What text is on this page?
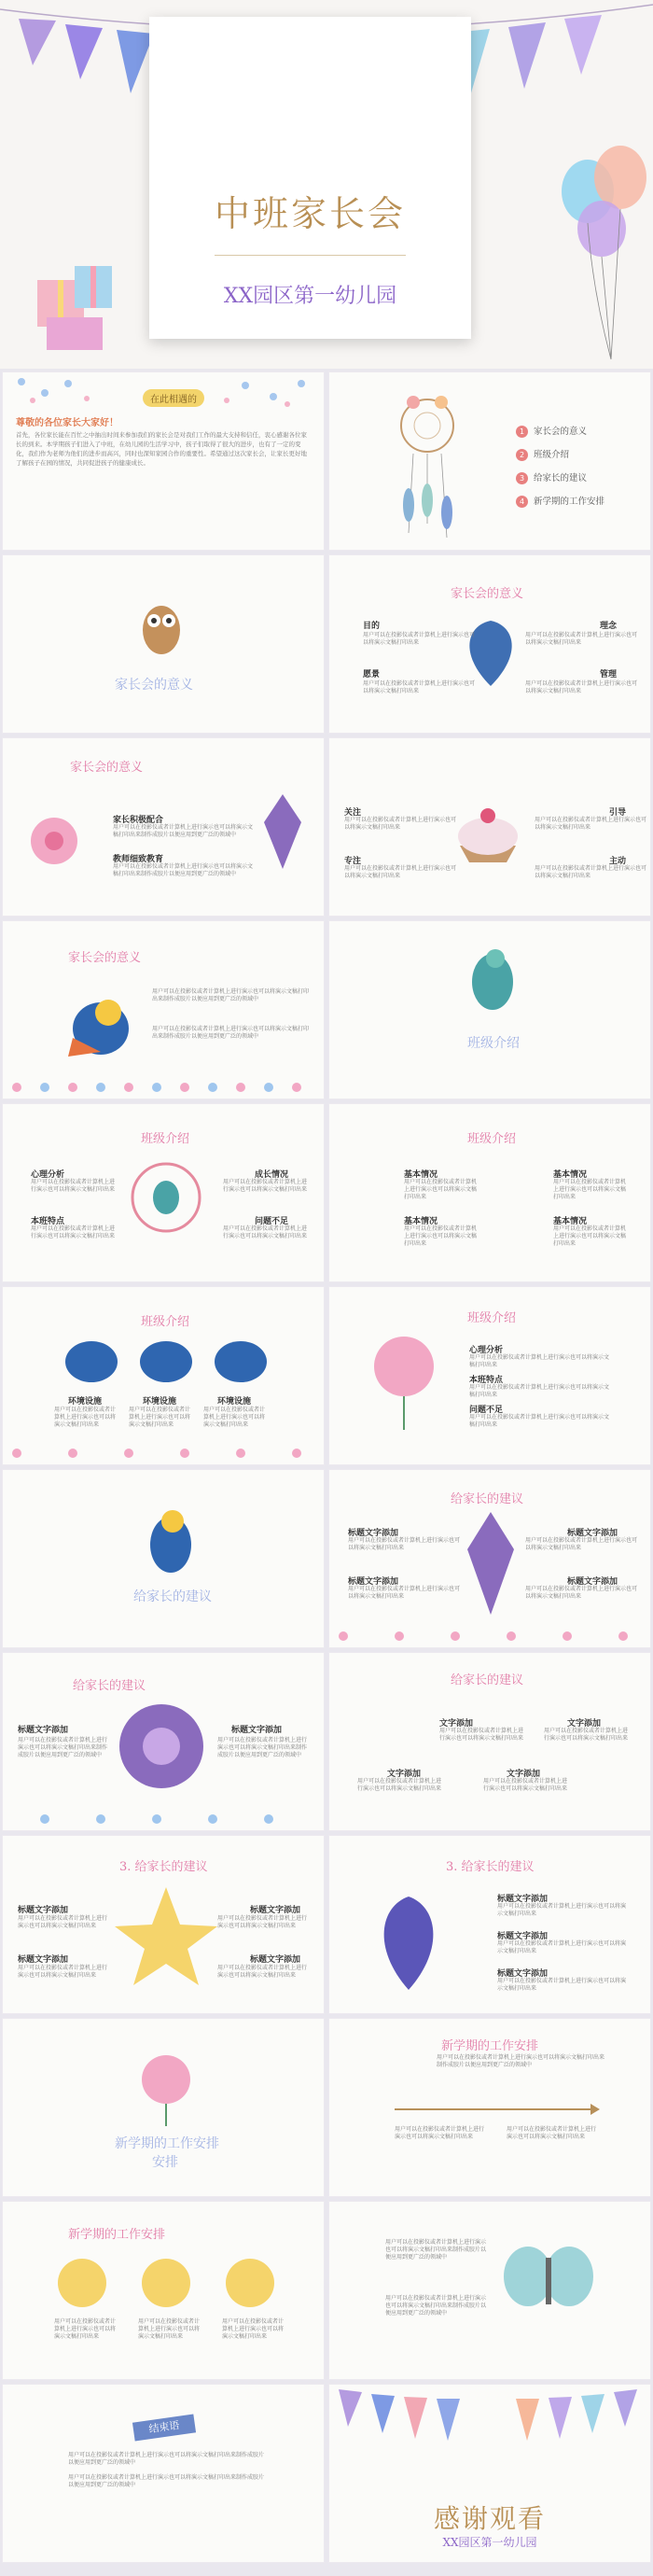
中班家长会
XX园区第一幼儿园
在此相遇的
尊敬的各位家长大家好！
首先，各位家长能在百忙之中抽出时间来参加我们的家长会是对我们工作的最大支持和信任，衷心感谢各位家长的到来。本学期孩子们进入了中班，在幼儿园的生活学习中，孩子们取得了很大的进步，也有了一定的变化，我们作为老师为他们的进步而高兴，同时也深知家园合作的重要性。希望通过这次家长会，让家长更好地了解孩子在园的情况，共同促进孩子的健康成长。
1 家长会的意义
2 班级介绍
3 给家长的建议
4 新学期的工作安排
家长会的意义
家长会的意义
目的
用户可以在投影仪或者计算机上进行演示也可以将演示文稿打印出来
理念
用户可以在投影仪或者计算机上进行演示也可以将演示文稿打印出来
愿景
用户可以在投影仪或者计算机上进行演示也可以将演示文稿打印出来
管理
用户可以在投影仪或者计算机上进行演示也可以将演示文稿打印出来
家长会的意义
家长积极配合
用户可以在投影仪或者计算机上进行演示也可以将演示文稿打印出来制作成胶片以便应用到更广泛的领域中
教师细致教育
用户可以在投影仪或者计算机上进行演示也可以将演示文稿打印出来制作成胶片以便应用到更广泛的领域中
关注
用户可以在投影仪或者计算机上进行演示也可以将演示文稿打印出来
引导
用户可以在投影仪或者计算机上进行演示也可以将演示文稿打印出来
专注
用户可以在投影仪或者计算机上进行演示也可以将演示文稿打印出来
主动
用户可以在投影仪或者计算机上进行演示也可以将演示文稿打印出来
家长会的意义
用户可以在投影仪或者计算机上进行演示也可以将演示文稿打印出来制作成胶片以便应用到更广泛的领域中
用户可以在投影仪或者计算机上进行演示也可以将演示文稿打印出来制作成胶片以便应用到更广泛的领域中	班级介绍
班级介绍
心理分析
用户可以在投影仪或者计算机上进行演示也可以将演示文稿打印出来
成长情况
用户可以在投影仪或者计算机上进行演示也可以将演示文稿打印出来
本班特点
用户可以在投影仪或者计算机上进行演示也可以将演示文稿打印出来
问题不足
用户可以在投影仪或者计算机上进行演示也可以将演示文稿打印出来
班级介绍
基本情况
用户可以在投影仪或者计算机上进行演示也可以将演示文稿打印出来
基本情况
用户可以在投影仪或者计算机上进行演示也可以将演示文稿打印出来
基本情况
用户可以在投影仪或者计算机上进行演示也可以将演示文稿打印出来
基本情况
用户可以在投影仪或者计算机上进行演示也可以将演示文稿打印出来
班级介绍
环境设施	环境设施	环境设施
用户可以在投影仪或者计算机上进行演示也可以将演示文稿打印出来
用户可以在投影仪或者计算机上进行演示也可以将演示文稿打印出来
用户可以在投影仪或者计算机上进行演示也可以将演示文稿打印出来
班级介绍
心理分析
用户可以在投影仪或者计算机上进行演示也可以将演示文稿打印出来
本班特点
用户可以在投影仪或者计算机上进行演示也可以将演示文稿打印出来
问题不足
用户可以在投影仪或者计算机上进行演示也可以将演示文稿打印出来
给家长的建议
给家长的建议
标题文字添加
用户可以在投影仪或者计算机上进行演示也可以将演示文稿打印出来
标题文字添加
用户可以在投影仪或者计算机上进行演示也可以将演示文稿打印出来
标题文字添加
用户可以在投影仪或者计算机上进行演示也可以将演示文稿打印出来
标题文字添加
用户可以在投影仪或者计算机上进行演示也可以将演示文稿打印出来
给家长的建议
标题文字添加
用户可以在投影仪或者计算机上进行演示也可以将演示文稿打印出来制作成胶片以便应用到更广泛的领域中
标题文字添加
用户可以在投影仪或者计算机上进行演示也可以将演示文稿打印出来制作成胶片以便应用到更广泛的领域中
给家长的建议
文字添加
用户可以在投影仪或者计算机上进行演示也可以将演示文稿打印出来
文字添加
用户可以在投影仪或者计算机上进行演示也可以将演示文稿打印出来
文字添加
用户可以在投影仪或者计算机上进行演示也可以将演示文稿打印出来
文字添加
用户可以在投影仪或者计算机上进行演示也可以将演示文稿打印出来
3. 给家长的建议
标题文字添加
用户可以在投影仪或者计算机上进行演示也可以将演示文稿打印出来
标题文字添加
用户可以在投影仪或者计算机上进行演示也可以将演示文稿打印出来
标题文字添加
用户可以在投影仪或者计算机上进行演示也可以将演示文稿打印出来
标题文字添加
用户可以在投影仪或者计算机上进行演示也可以将演示文稿打印出来
3. 给家长的建议
标题文字添加
用户可以在投影仪或者计算机上进行演示也可以将演示文稿打印出来
标题文字添加
用户可以在投影仪或者计算机上进行演示也可以将演示文稿打印出来
标题文字添加
用户可以在投影仪或者计算机上进行演示也可以将演示文稿打印出来
新学期的工作安排
安排
新学期的工作安排
用户可以在投影仪或者计算机上进行演示也可以将演示文稿打印出来制作成胶片以便应用到更广泛的领域中
用户可以在投影仪或者计算机上进行演示也可以将演示文稿打印出来
用户可以在投影仪或者计算机上进行演示也可以将演示文稿打印出来
新学期的工作安排
用户可以在投影仪或者计算机上进行演示也可以将演示文稿打印出来
用户可以在投影仪或者计算机上进行演示也可以将演示文稿打印出来
用户可以在投影仪或者计算机上进行演示也可以将演示文稿打印出来
用户可以在投影仪或者计算机上进行演示也可以将演示文稿打印出来制作成胶片以便应用到更广泛的领域中
用户可以在投影仪或者计算机上进行演示也可以将演示文稿打印出来制作成胶片以便应用到更广泛的领域中
结束语
用户可以在投影仪或者计算机上进行演示也可以将演示文稿打印出来制作成胶片以便应用到更广泛的领域中
用户可以在投影仪或者计算机上进行演示也可以将演示文稿打印出来制作成胶片以便应用到更广泛的领域中
感谢观看
XX园区第一幼儿园
